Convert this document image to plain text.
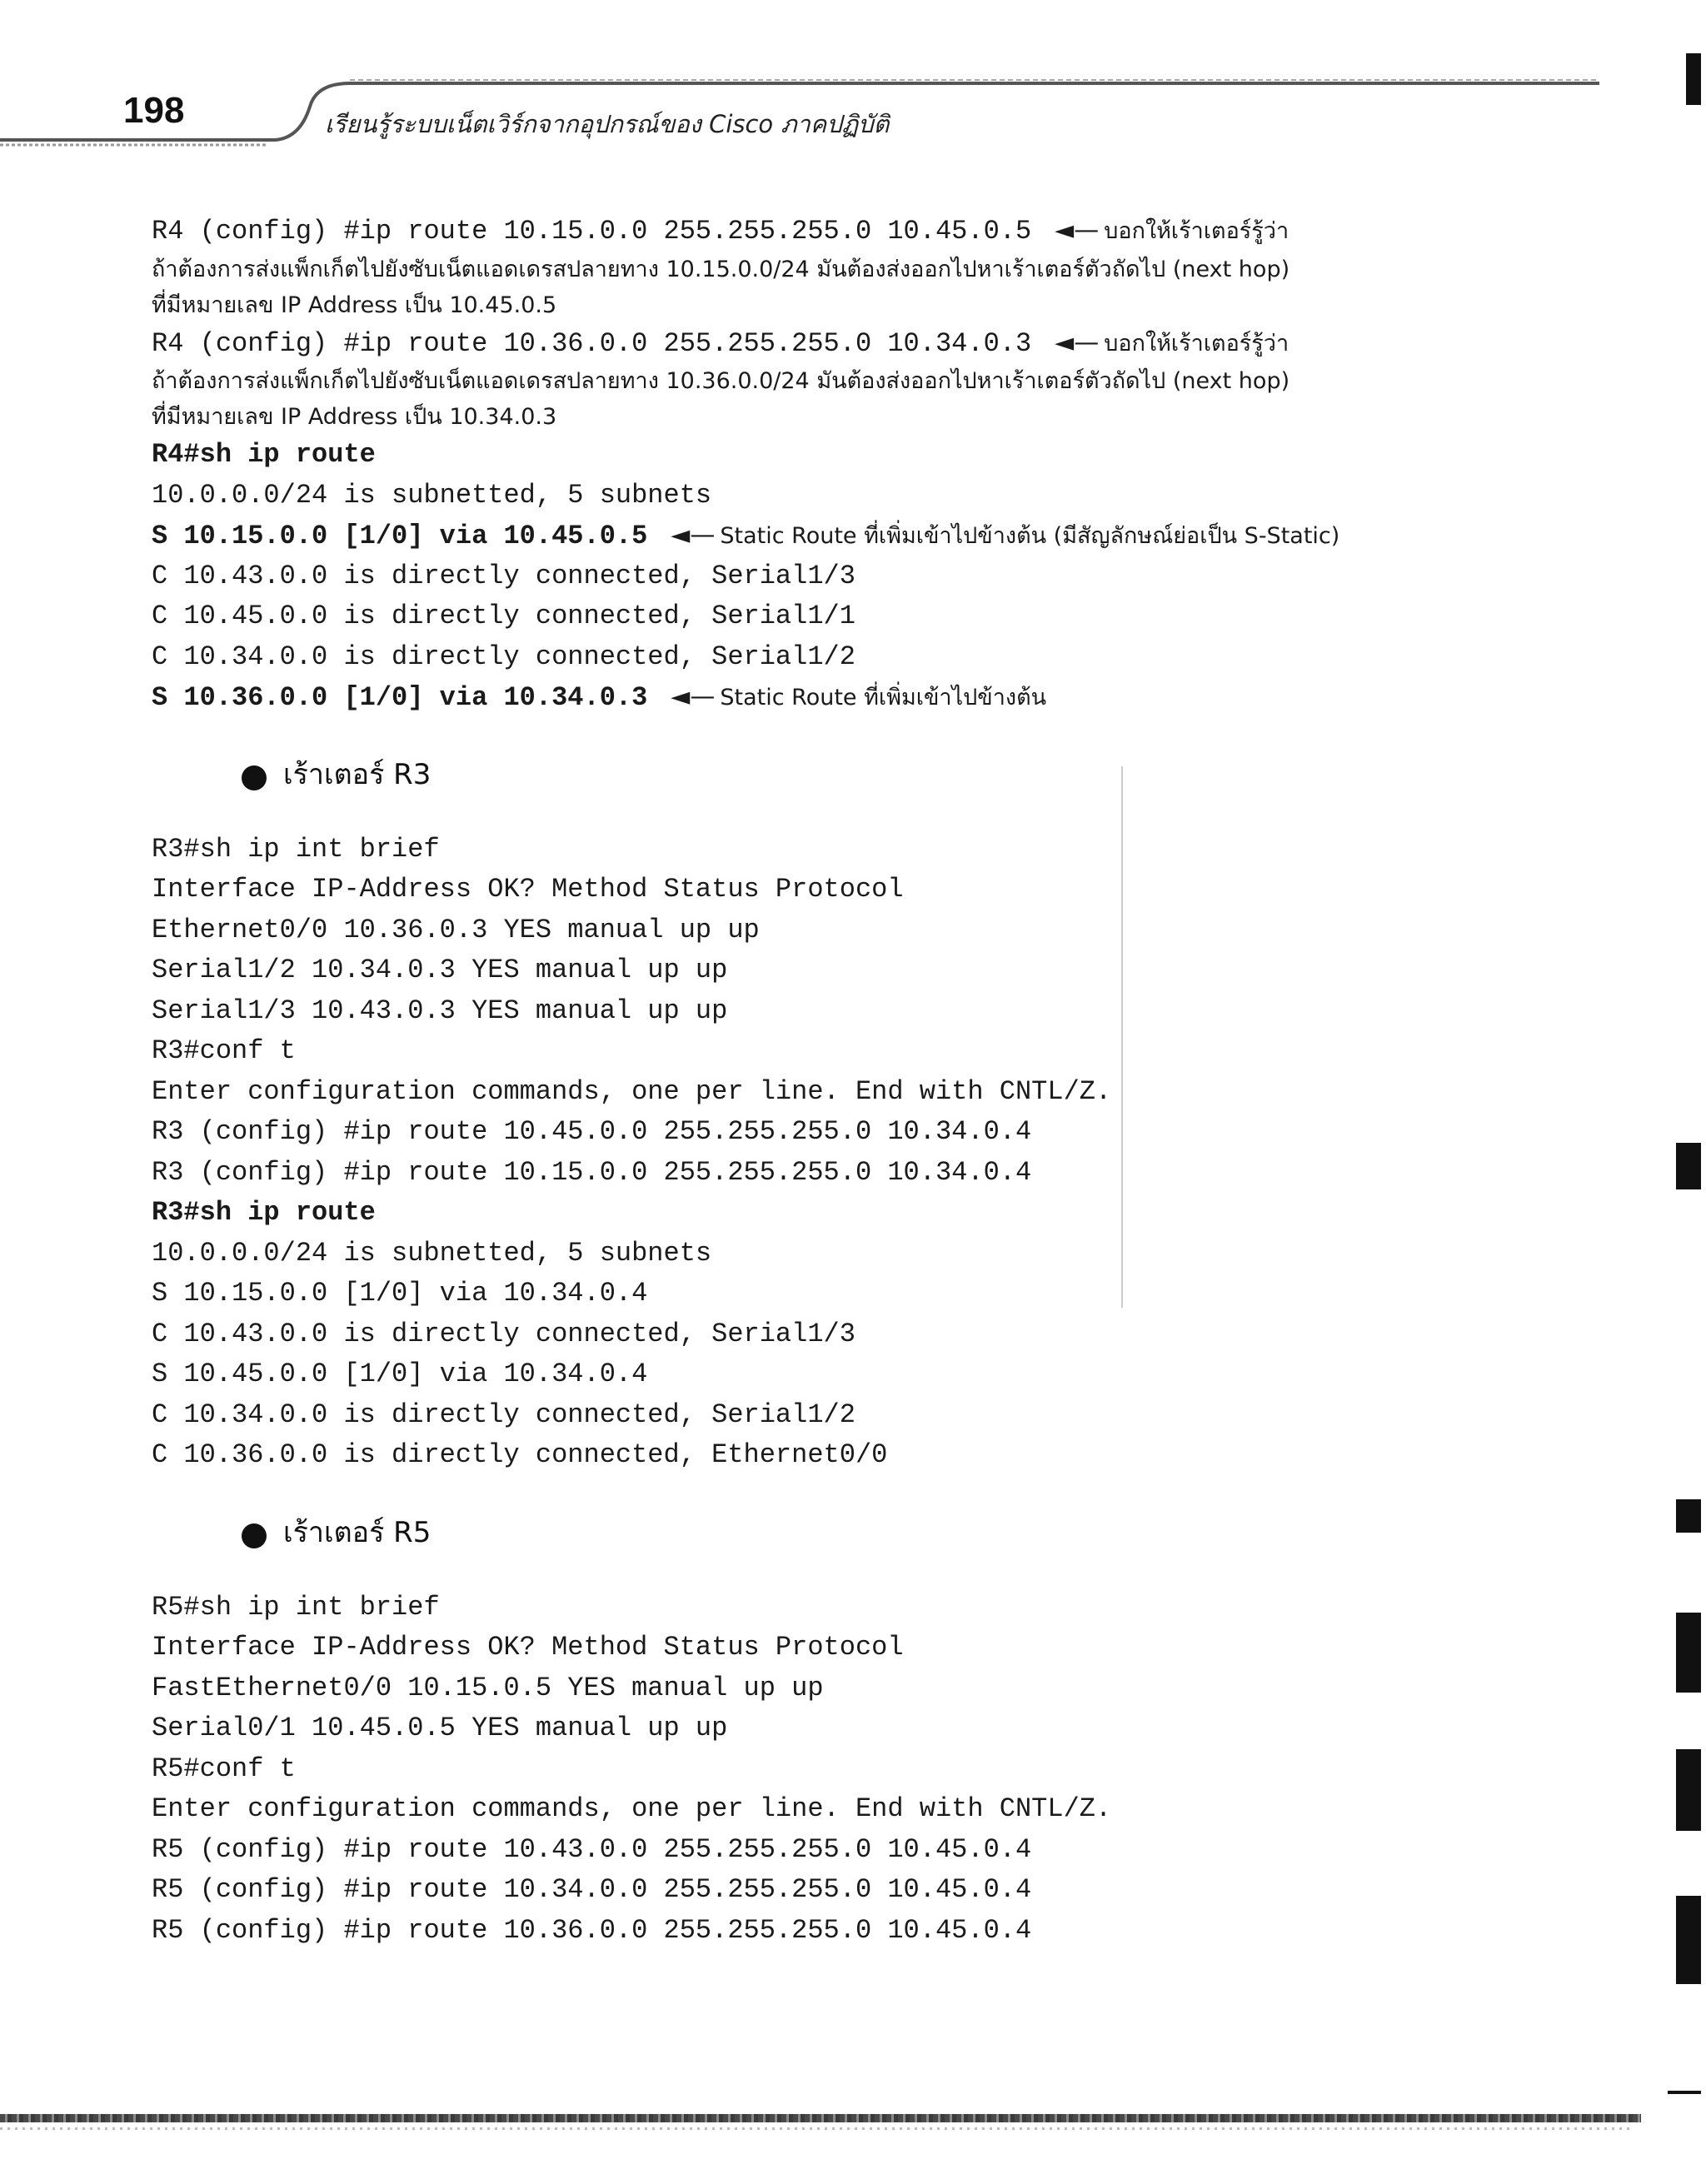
198	เรียนรู้ระบบเน็ตเวิร์กจากอุปกรณ์ของ Cisco ภาคปฏิบัติ
R4 (config) #ip route 10.15.0.0 255.255.255.0 10.45.0.5 ◄— บอกให้เร้าเตอร์รู้ว่า
ถ้าต้องการส่งแพ็กเก็ตไปยังซับเน็ตแอดเดรสปลายทาง 10.15.0.0/24 มันต้องส่งออกไปหาเร้าเตอร์ตัวถัดไป (next hop)
ที่มีหมายเลข IP Address เป็น 10.45.0.5
R4 (config) #ip route 10.36.0.0 255.255.255.0 10.34.0.3 ◄— บอกให้เร้าเตอร์รู้ว่า
ถ้าต้องการส่งแพ็กเก็ตไปยังซับเน็ตแอดเดรสปลายทาง 10.36.0.0/24 มันต้องส่งออกไปหาเร้าเตอร์ตัวถัดไป (next hop)
ที่มีหมายเลข IP Address เป็น 10.34.0.3
R4#sh ip route
10.0.0.0/24 is subnetted, 5 subnets
S 10.15.0.0 [1/0] via 10.45.0.5 ◄— Static Route ที่เพิ่มเข้าไปข้างต้น (มีสัญลักษณ์ย่อเป็น S-Static)
C 10.43.0.0 is directly connected, Serial1/3
C 10.45.0.0 is directly connected, Serial1/1
C 10.34.0.0 is directly connected, Serial1/2
S 10.36.0.0 [1/0] via 10.34.0.3 ◄— Static Route ที่เพิ่มเข้าไปข้างต้น
เร้าเตอร์ R3
R3#sh ip int brief
Interface IP-Address OK? Method Status Protocol
Ethernet0/0 10.36.0.3 YES manual up up
Serial1/2 10.34.0.3 YES manual up up
Serial1/3 10.43.0.3 YES manual up up
R3#conf t
Enter configuration commands, one per line. End with CNTL/Z.
R3 (config) #ip route 10.45.0.0 255.255.255.0 10.34.0.4
R3 (config) #ip route 10.15.0.0 255.255.255.0 10.34.0.4
R3#sh ip route
10.0.0.0/24 is subnetted, 5 subnets
S 10.15.0.0 [1/0] via 10.34.0.4
C 10.43.0.0 is directly connected, Serial1/3
S 10.45.0.0 [1/0] via 10.34.0.4
C 10.34.0.0 is directly connected, Serial1/2
C 10.36.0.0 is directly connected, Ethernet0/0
เร้าเตอร์ R5
R5#sh ip int brief
Interface IP-Address OK? Method Status Protocol
FastEthernet0/0 10.15.0.5 YES manual up up
Serial0/1 10.45.0.5 YES manual up up
R5#conf t
Enter configuration commands, one per line. End with CNTL/Z.
R5 (config) #ip route 10.43.0.0 255.255.255.0 10.45.0.4
R5 (config) #ip route 10.34.0.0 255.255.255.0 10.45.0.4
R5 (config) #ip route 10.36.0.0 255.255.255.0 10.45.0.4
